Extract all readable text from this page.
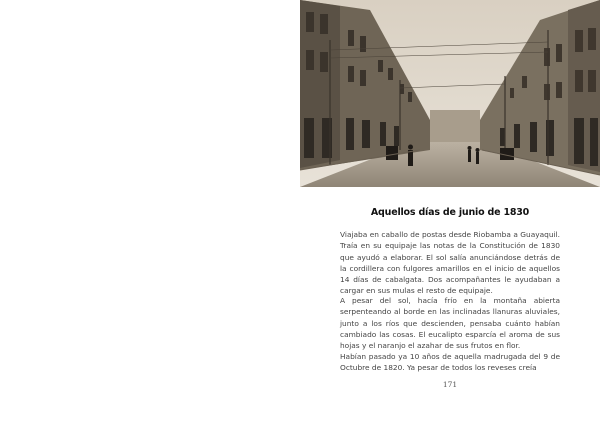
Aquellos días de junio de 1830

Viajaba en caballo de postas desde Riobamba a Guayaquil. Traía en su equipaje las notas de la Constitución de 1830 que ayudó a elaborar. El sol salía anunciándose detrás de la cordillera con fulgores amarillos en el inicio de aquellos 14 días de cabalgata. Dos acompañantes le ayudaban a cargar en sus mulas el resto de equipaje.

A pesar del sol, hacía frío en la montaña abierta serpenteando al borde en las inclinadas llanuras aluviales, junto a los ríos que descienden, pensaba cuánto habían cambiado las cosas. El eucalipto esparcía el aroma de sus hojas y el naranjo el azahar de sus frutos en flor.

Habían pasado ya 10 años de aquella madrugada del 9 de Octubre de 1820. Ya pesar de todos los reveses creía

171
